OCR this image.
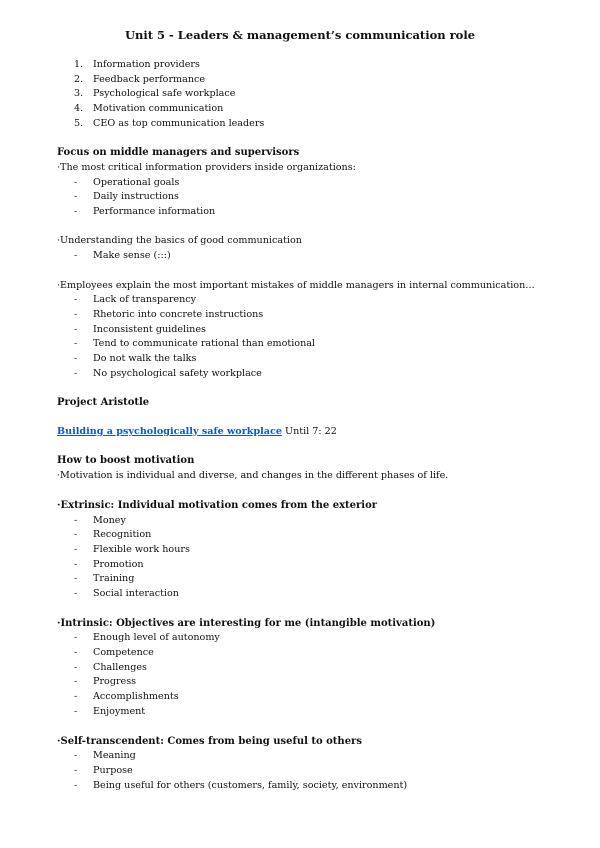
Unit 5 - Leaders & management’s communication role
1. Information providers
2. Feedback performance
3. Psychological safe workplace
4. Motivation communication
5. CEO as top communication leaders
Focus on middle managers and supervisors
·The most critical information providers inside organizations:
- Operational goals
- Daily instructions
- Performance information
·Understanding the basics of good communication
- Make sense (:::)
·Employees explain the most important mistakes of middle managers in internal communication…
- Lack of transparency
- Rhetoric into concrete instructions
- Inconsistent guidelines
- Tend to communicate rational than emotional
- Do not walk the talks
- No psychological safety workplace
Project Aristotle
Building a psychologically safe workplace Until 7: 22
How to boost motivation
·Motivation is individual and diverse, and changes in the different phases of life.
·Extrinsic: Individual motivation comes from the exterior
- Money
- Recognition
- Flexible work hours
- Promotion
- Training
- Social interaction
·Intrinsic: Objectives are interesting for me (intangible motivation)
- Enough level of autonomy
- Competence
- Challenges
- Progress
- Accomplishments
- Enjoyment
·Self-transcendent: Comes from being useful to others
- Meaning
- Purpose
- Being useful for others (customers, family, society, environment)
